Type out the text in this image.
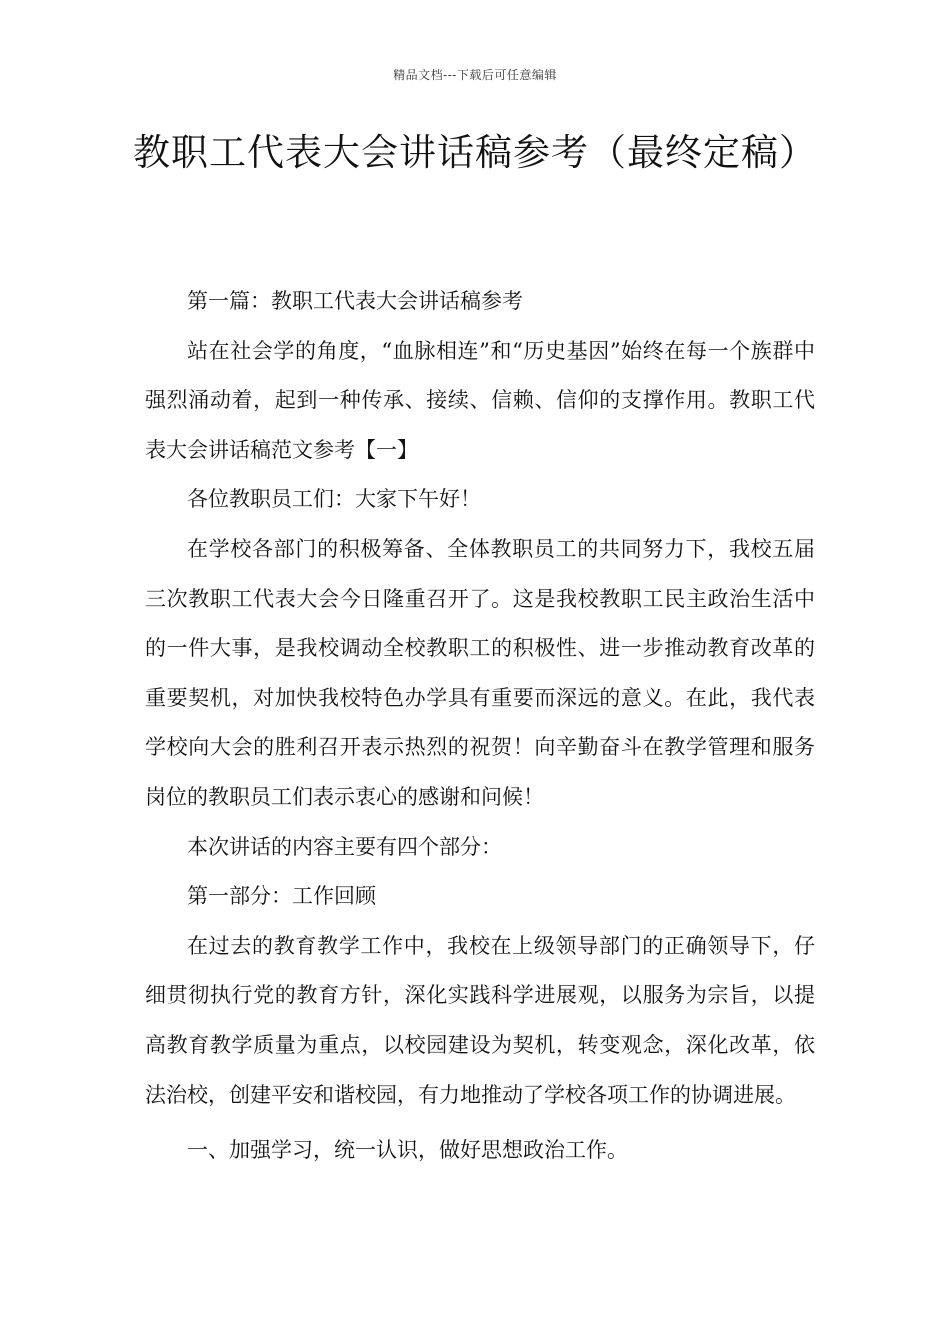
精品文档---下载后可任意编辑
教职工代表大会讲话稿参考（最终定稿）

第一篇：教职工代表大会讲话稿参考

站在社会学的角度，“血脉相连”和“历史基因”始终在每一个族群中强烈涌动着，起到一种传承、接续、信赖、信仰的支撑作用。教职工代表大会讲话稿范文参考【一】

各位教职员工们：大家下午好！

在学校各部门的积极筹备、全体教职员工的共同努力下，我校五届三次教职工代表大会今日隆重召开了。这是我校教职工民主政治生活中的一件大事，是我校调动全校教职工的积极性、进一步推动教育改革的重要契机，对加快我校特色办学具有重要而深远的意义。在此，我代表学校向大会的胜利召开表示热烈的祝贺！向辛勤奋斗在教学管理和服务岗位的教职员工们表示衷心的感谢和问候！

本次讲话的内容主要有四个部分：

第一部分：工作回顾

在过去的教育教学工作中，我校在上级领导部门的正确领导下，仔细贯彻执行党的教育方针，深化实践科学进展观，以服务为宗旨，以提高教育教学质量为重点，以校园建设为契机，转变观念，深化改革，依法治校，创建平安和谐校园，有力地推动了学校各项工作的协调进展。

一、加强学习，统一认识，做好思想政治工作。
